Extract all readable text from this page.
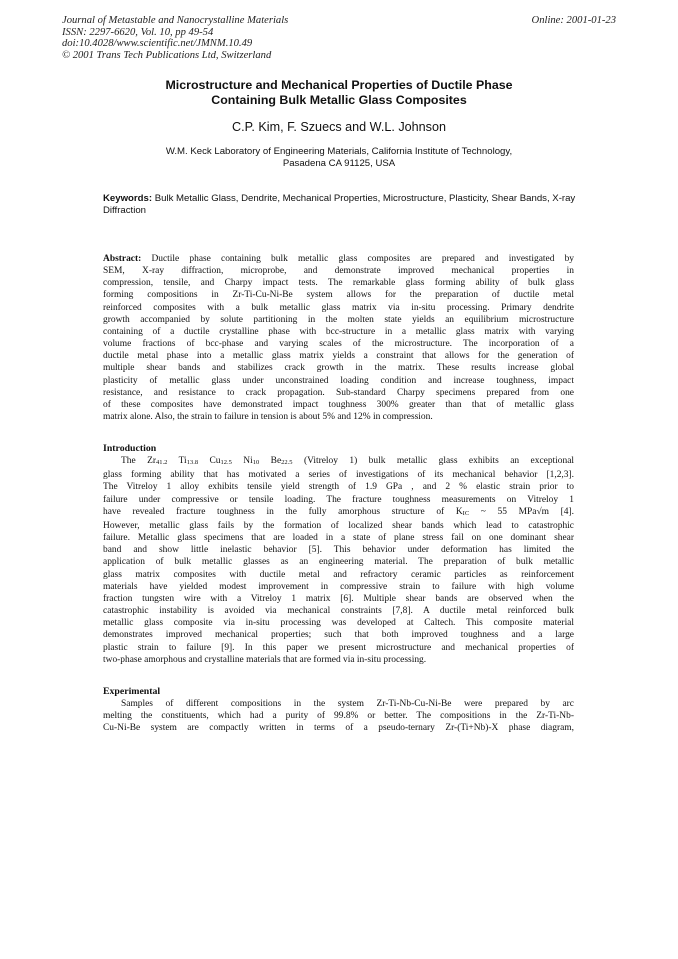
Journal of Metastable and Nanocrystalline Materials
ISSN: 2297-6620, Vol. 10, pp 49-54
doi:10.4028/www.scientific.net/JMNM.10.49
© 2001 Trans Tech Publications Ltd, Switzerland
Online: 2001-01-23
Microstructure and Mechanical Properties of Ductile Phase
Containing Bulk Metallic Glass Composites
C.P. Kim, F. Szuecs and W.L. Johnson
W.M. Keck Laboratory of Engineering Materials, California Institute of Technology,
Pasadena CA 91125, USA
Keywords: Bulk Metallic Glass, Dendrite, Mechanical Properties, Microstructure, Plasticity, Shear Bands, X-ray Diffraction
Abstract: Ductile phase containing bulk metallic glass composites are prepared and investigated by
SEM, X-ray diffraction, microprobe, and demonstrate improved mechanical properties in
compression, tensile, and Charpy impact tests. The remarkable glass forming ability of bulk glass
forming compositions in Zr-Ti-Cu-Ni-Be system allows for the preparation of ductile metal
reinforced composites with a bulk metallic glass matrix via in-situ processing. Primary dendrite
growth accompanied by solute partitioning in the molten state yields an equilibrium microstructure
containing of a ductile crystalline phase with bcc-structure in a metallic glass matrix with varying
volume fractions of bcc-phase and varying scales of the microstructure. The incorporation of a
ductile metal phase into a metallic glass matrix yields a constraint that allows for the generation of
multiple shear bands and stabilizes crack growth in the matrix. These results increase global
plasticity of metallic glass under unconstrained loading condition and increase toughness, impact
resistance, and resistance to crack propagation. Sub-standard Charpy specimens prepared from one
of these composites have demonstrated impact toughness 300% greater than that of metallic glass
matrix alone. Also, the strain to failure in tension is about 5% and 12% in compression.
Introduction
The $Zr_{41.2}$ $Ti_{13.8}$ $Cu_{12.5}$ $Ni_{10}$ $Be_{22.5}$ (Vitreloy 1) bulk metallic glass exhibits an exceptional
glass forming ability that has motivated a series of investigations of its mechanical behavior [1,2,3].
The Vitreloy 1 alloy exhibits tensile yield strength of 1.9 GPa , and 2 % elastic strain prior to
failure under compressive or tensile loading. The fracture toughness measurements on Vitreloy 1
have revealed fracture toughness in the fully amorphous structure of $K_{IC}$ ~ 55 MPa√m [4].
However, metallic glass fails by the formation of localized shear bands which lead to catastrophic
failure. Metallic glass specimens that are loaded in a state of plane stress fail on one dominant shear
band and show little inelastic behavior [5]. This behavior under deformation has limited the
application of bulk metallic glasses as an engineering material. The preparation of bulk metallic
glass matrix composites with ductile metal and refractory ceramic particles as reinforcement
materials have yielded modest improvement in compressive strain to failure with high volume
fraction tungsten wire with a Vitreloy 1 matrix [6]. Multiple shear bands are observed when the
catastrophic instability is avoided via mechanical constraints [7,8]. A ductile metal reinforced bulk
metallic glass composite via in-situ processing was developed at Caltech. This composite material
demonstrates improved mechanical properties; such that both improved toughness and a large
plastic strain to failure [9]. In this paper we present microstructure and mechanical properties of
two-phase amorphous and crystalline materials that are formed via in-situ processing.
Experimental
Samples of different compositions in the system Zr-Ti-Nb-Cu-Ni-Be were prepared by arc
melting the constituents, which had a purity of 99.8% or better. The compositions in the Zr-Ti-Nb-
Cu-Ni-Be system are compactly written in terms of a pseudo-ternary Zr-(Ti+Nb)-X phase diagram,
